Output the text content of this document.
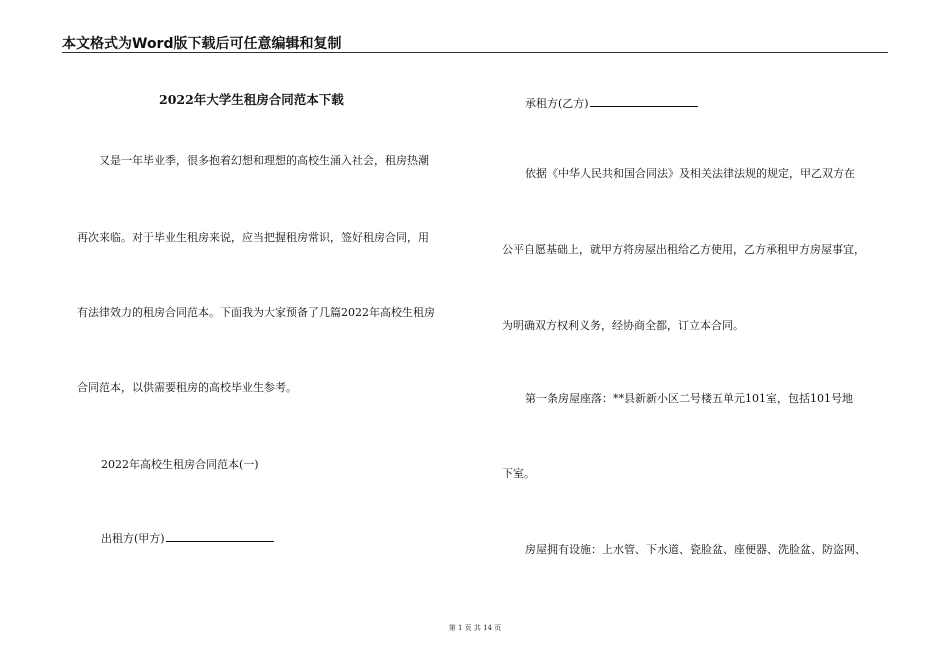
本文格式为Word版下载后可任意编辑和复制
2022年大学生租房合同范本下载
又是一年毕业季，很多抱着幻想和理想的高校生涌入社会，租房热潮
再次来临。对于毕业生租房来说，应当把握租房常识，签好租房合同，用
有法律效力的租房合同范本。下面我为大家预备了几篇2022年高校生租房
合同范本，以供需要租房的高校毕业生参考。
2022年高校生租房合同范本(一)
出租方(甲方)
承租方(乙方)
依据《中华人民共和国合同法》及相关法律法规的规定，甲乙双方在
公平自愿基础上，就甲方将房屋出租给乙方使用，乙方承租甲方房屋事宜，
为明确双方权利义务，经协商全都，订立本合同。
第一条房屋座落：**县新新小区二号楼五单元101室，包括101号地
下室。
房屋拥有设施：上水管、下水道、瓷脸盆、座便器、洗脸盆、防盗网、
第 1 页 共 14 页
